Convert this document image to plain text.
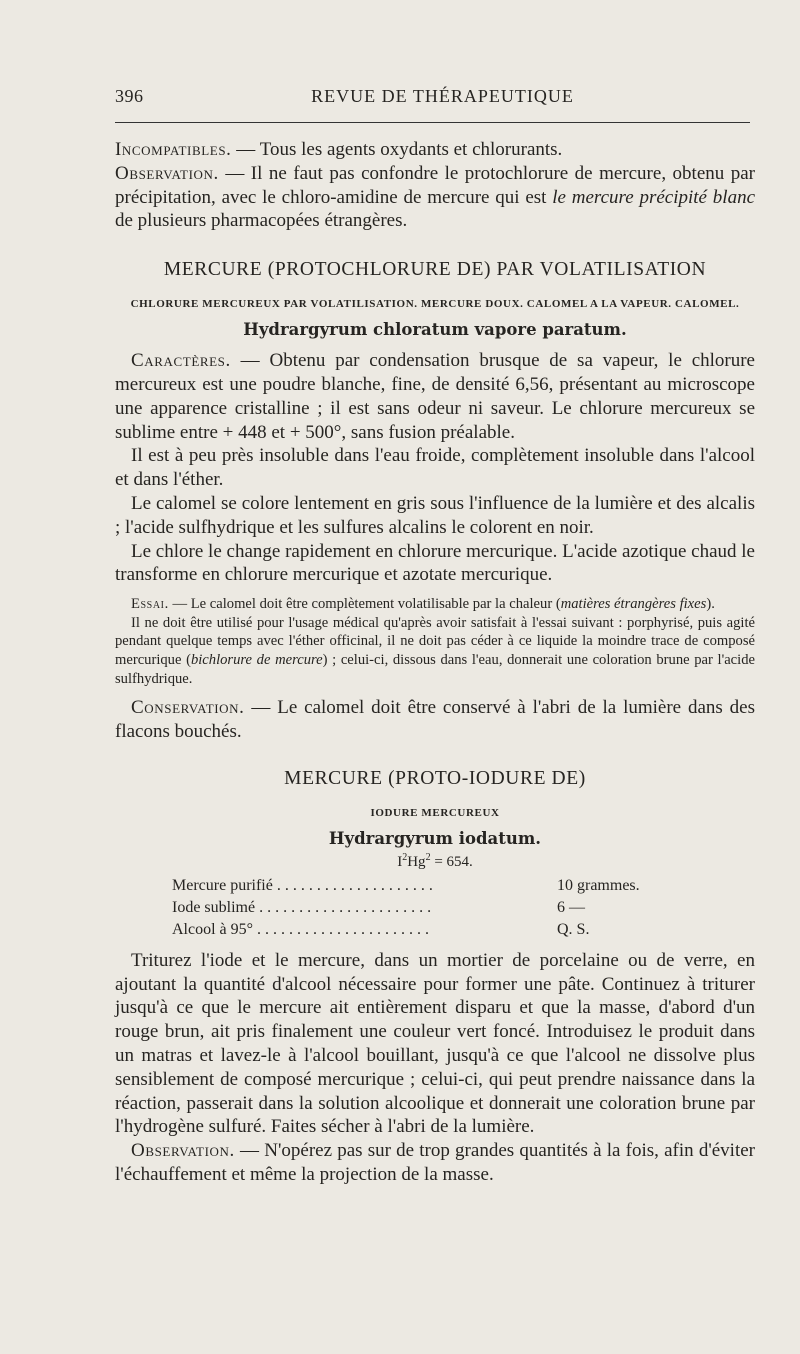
396	REVUE DE THÉRAPEUTIQUE

Incompatibles. — Tous les agents oxydants et chlorurants.

Observation. — Il ne faut pas confondre le protochlorure de mercure, obtenu par précipitation, avec le chloro-amidine de mercure qui est le mercure précipité blanc de plusieurs pharmacopées étrangères.

MERCURE (PROTOCHLORURE DE) PAR VOLATILISATION
CHLORURE MERCUREUX PAR VOLATILISATION. MERCURE DOUX. CALOMEL A LA VAPEUR. CALOMEL.
Hydrargyrum chloratum vapore paratum.

Caractères. — Obtenu par condensation brusque de sa vapeur, le chlorure mercureux est une poudre blanche, fine, de densité 6,56, présentant au microscope une apparence cristalline ; il est sans odeur ni saveur. Le chlorure mercureux se sublime entre + 448 et + 500°, sans fusion préalable.

Il est à peu près insoluble dans l'eau froide, complètement insoluble dans l'alcool et dans l'éther.

Le calomel se colore lentement en gris sous l'influence de la lumière et des alcalis ; l'acide sulfhydrique et les sulfures alcalins le colorent en noir.

Le chlore le change rapidement en chlorure mercurique. L'acide azotique chaud le transforme en chlorure mercurique et azotate mercurique.

Essai. — Le calomel doit être complètement volatilisable par la chaleur (matières étrangères fixes).

Il ne doit être utilisé pour l'usage médical qu'après avoir satisfait à l'essai suivant : porphyrisé, puis agité pendant quelque temps avec l'éther officinal, il ne doit pas céder à ce liquide la moindre trace de composé mercurique (bichlorure de mercure) ; celui-ci, dissous dans l'eau, donnerait une coloration brune par l'acide sulfhydrique.

Conservation. — Le calomel doit être conservé à l'abri de la lumière dans des flacons bouchés.

MERCURE (PROTO-IODURE DE)
IODURE MERCUREUX
Hydrargyrum iodatum.
$I^2Hg^2 = 654$.
Mercure purifié . . . . . . . . . . . . . . . . . . . .	10 grammes.
Iode sublimé . . . . . . . . . . . . . . . . . . . . . .	6 —
Alcool à 95° . . . . . . . . . . . . . . . . . . . . . .	Q. S.

Triturez l'iode et le mercure, dans un mortier de porcelaine ou de verre, en ajoutant la quantité d'alcool nécessaire pour former une pâte. Continuez à triturer jusqu'à ce que le mercure ait entièrement disparu et que la masse, d'abord d'un rouge brun, ait pris finalement une couleur vert foncé. Introduisez le produit dans un matras et lavez-le à l'alcool bouillant, jusqu'à ce que l'alcool ne dissolve plus sensiblement de composé mercurique ; celui-ci, qui peut prendre naissance dans la réaction, passerait dans la solution alcoolique et donnerait une coloration brune par l'hydrogène sulfuré. Faites sécher à l'abri de la lumière.

Observation. — N'opérez pas sur de trop grandes quantités à la fois, afin d'éviter l'échauffement et même la projection de la masse.
